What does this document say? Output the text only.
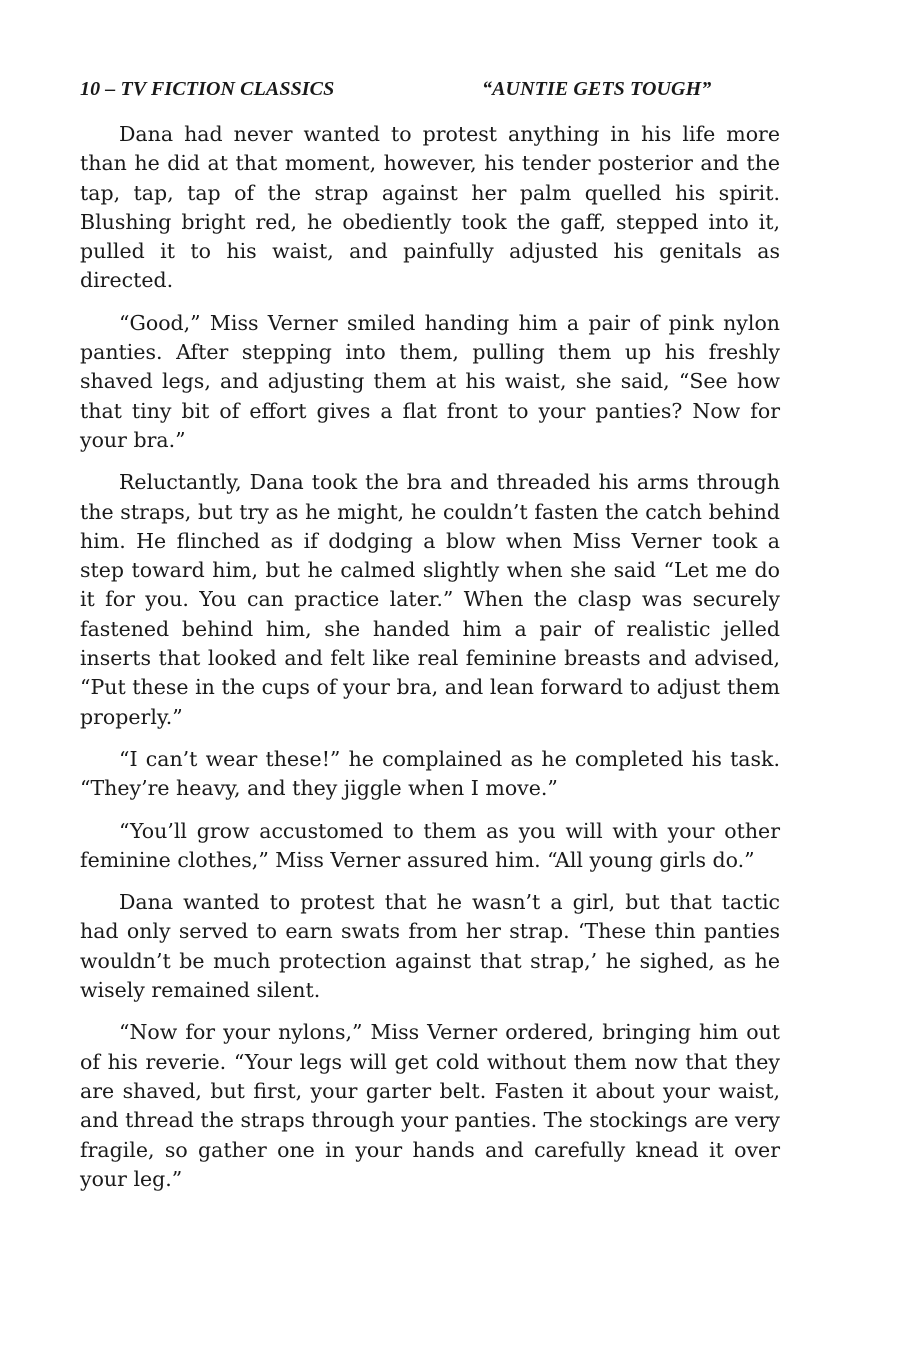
10 – TV FICTION CLASSICS	“AUNTIE GETS TOUGH”

Dana had never wanted to protest anything in his life more than he did at that moment, however, his tender posterior and the tap, tap, tap of the strap against her palm quelled his spirit. Blushing bright red, he obediently took the gaff, stepped into it, pulled it to his waist, and painfully adjusted his genitals as directed.

“Good,” Miss Verner smiled handing him a pair of pink nylon panties. After stepping into them, pulling them up his freshly shaved legs, and adjusting them at his waist, she said, “See how that tiny bit of effort gives a flat front to your panties? Now for your bra.”

Reluctantly, Dana took the bra and threaded his arms through the straps, but try as he might, he couldn’t fasten the catch behind him. He flinched as if dodging a blow when Miss Verner took a step toward him, but he calmed slightly when she said “Let me do it for you. You can practice later.” When the clasp was securely fastened behind him, she handed him a pair of realistic jelled inserts that looked and felt like real feminine breasts and advised, “Put these in the cups of your bra, and lean forward to adjust them properly.”

“I can’t wear these!” he complained as he completed his task. “They’re heavy, and they jiggle when I move.”

“You’ll grow accustomed to them as you will with your other feminine clothes,” Miss Verner assured him. “All young girls do.”

Dana wanted to protest that he wasn’t a girl, but that tactic had only served to earn swats from her strap. ‘These thin panties wouldn’t be much protection against that strap,’ he sighed, as he wisely remained silent.

“Now for your nylons,” Miss Verner ordered, bringing him out of his reverie. “Your legs will get cold without them now that they are shaved, but first, your garter belt. Fasten it about your waist, and thread the straps through your panties. The stockings are very fragile, so gather one in your hands and carefully knead it over your leg.”
